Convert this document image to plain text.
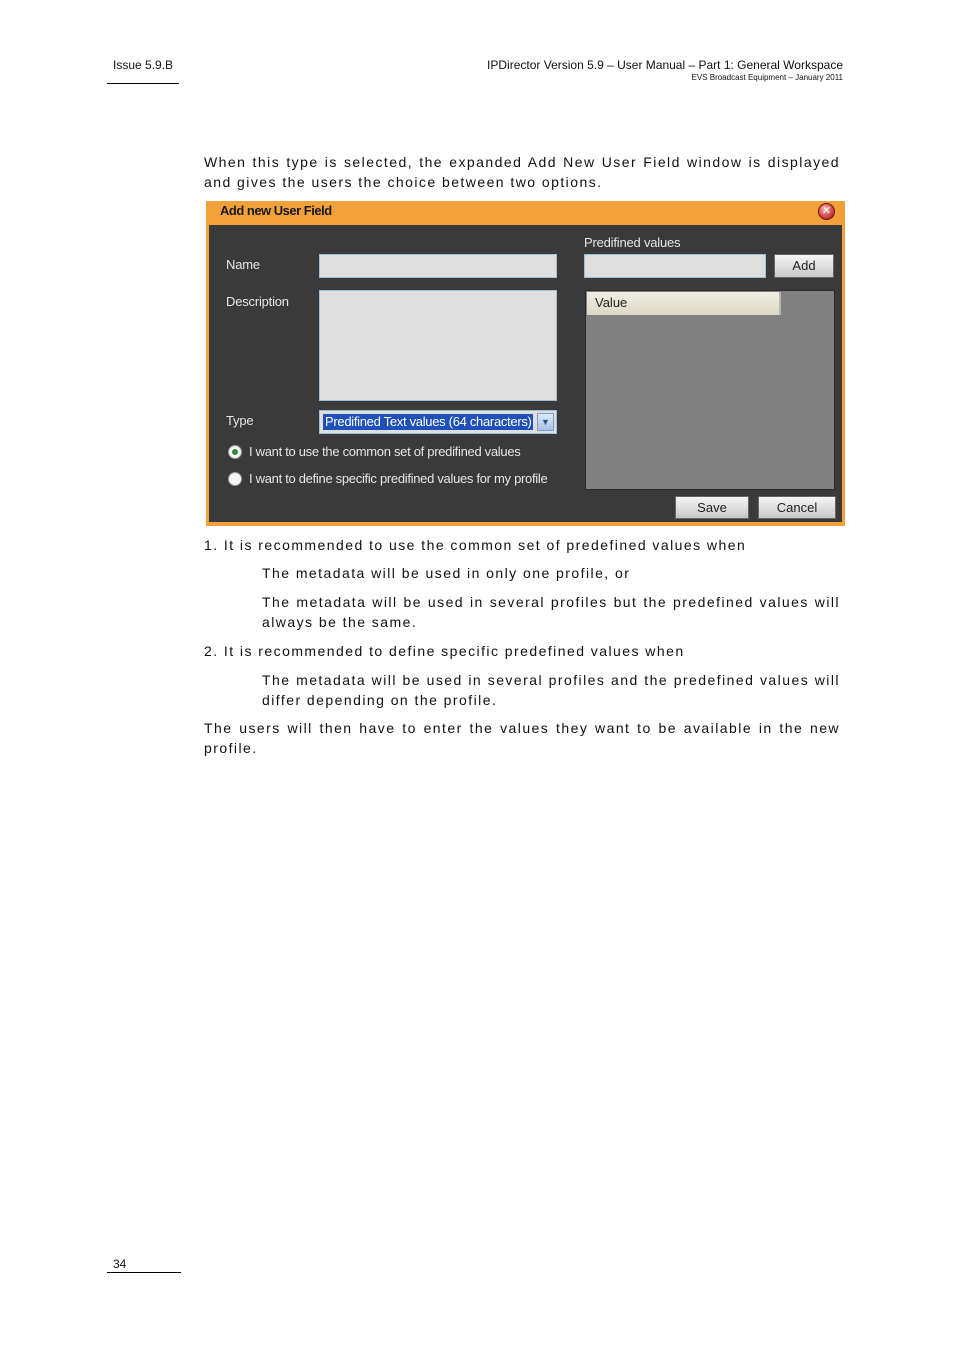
Issue 5.9.B	IPDirector Version 5.9 – User Manual – Part 1: General Workspace
EVS Broadcast Equipment – January 2011
When this type is selected, the expanded Add New User Field window is displayed and gives the users the choice between two options.
Add new User Field	✕
Name
Description
Type	Predifined Text values (64 characters)	▼
I want to use the common set of predifined values
I want to define specific predifined values for my profile
Predifined values
Add
Value
Save	Cancel
1. It is recommended to use the common set of predefined values when
The metadata will be used in only one profile, or
The metadata will be used in several profiles but the predefined values will always be the same.
2. It is recommended to define specific predefined values when
The metadata will be used in several profiles and the predefined values will differ depending on the profile.
The users will then have to enter the values they want to be available in the new profile.
34
